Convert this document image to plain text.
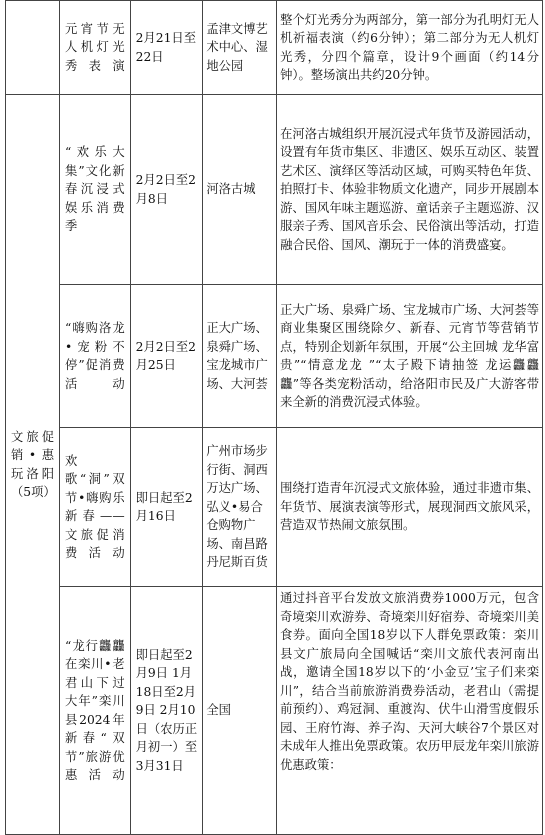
	元宵节无人机灯光秀表演	2月21日至22日	孟津文博艺术中心、湿地公园	整个灯光秀分为两部分，第一部分为孔明灯无人机祈福表演（约6分钟）；第二部分为无人机灯光秀，分四个篇章，设计9个画面（约14分钟）。整场演出共约20分钟。
文旅促销•惠玩洛阳（5项）	“欢乐大集”文化新春沉浸式娱乐消费季	2月2日至2月8日	河洛古城	在河洛古城组织开展沉浸式年货节及游园活动，设置有年货市集区、非遗区、娱乐互动区、装置艺术区、演绎区等活动区域，可购买特色年货、拍照打卡、体验非物质文化遗产，同步开展剧本游、国风年味主题巡游、童话亲子主题巡游、汉服亲子秀、国风音乐会、民俗演出等活动，打造融合民俗、国风、潮玩于一体的消费盛宴。
	“嗨购洛龙•宠粉不停”促消费活动	2月2日至2月25日	正大广场、泉舜广场、宝龙城市广场、大河荟	正大广场、泉舜广场、宝龙城市广场、大河荟等商业集聚区围绕除夕、新春、元宵节等营销节点，特别企划新年氛围，开展“公主回城 龙华富贵”“情意龙龙 ”“太子殿下请抽签 龙运龘龘龘”等各类宠粉活动，给洛阳市民及广大游客带来全新的消费沉浸式体验。
	欢歌“洞”双节•嗨购乐新春——文旅促消费活动	即日起至2月16日	广州市场步行街、洞西万达广场、弘义•易合仓购物广场、南昌路丹尼斯百货	围绕打造青年沉浸式文旅体验，通过非遗市集、年货节、展演表演等形式，展现洞西文旅风采，营造双节热闹文旅氛围。
	“龙行龘龘在栾川•老君山下过大年”栾川县2024年新春“双节”旅游优惠活动	即日起至2月9日 1月18日至2月9日 2月10日（农历正月初一）至3月31日	全国	通过抖音平台发放文旅消费券1000万元，包含奇境栾川欢游券、奇境栾川好宿券、奇境栾川美食券。面向全国18岁以下人群免票政策：栾川县文广旅局向全国喊话“栾川文旅代表河南出战，邀请全国18岁以下的‘小金豆’宝子们来栾川”，结合当前旅游消费券活动，老君山（需提前预约）、鸡冠洞、重渡沟、伏牛山滑雪度假乐园、王府竹海、养子沟、天河大峡谷7个景区对未成年人推出免票政策。农历甲辰龙年栾川旅游优惠政策：
